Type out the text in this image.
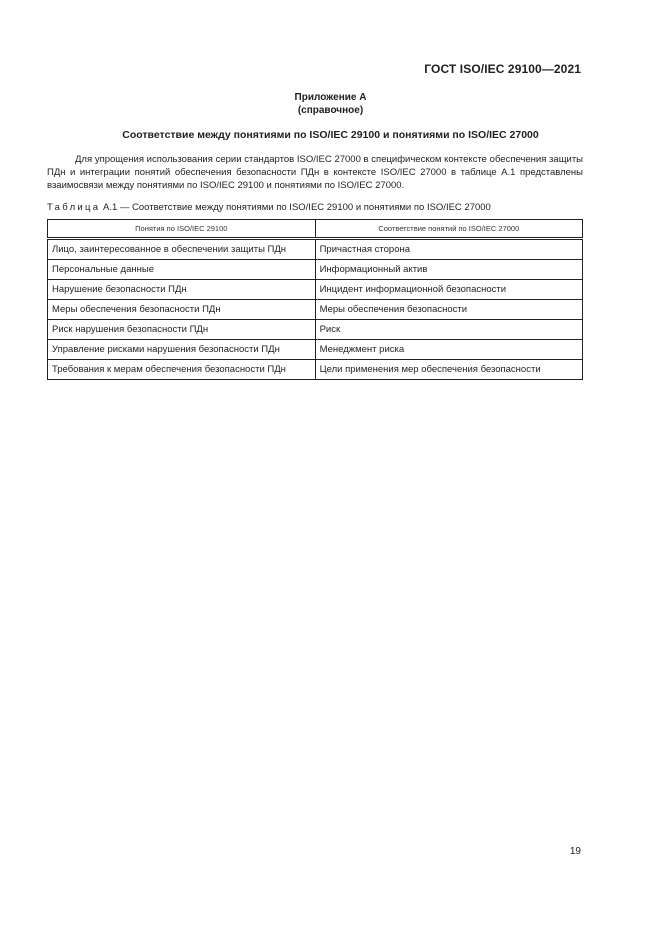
ГОСТ ISO/IEC 29100—2021
Приложение А
(справочное)
Соответствие между понятиями по ISO/IEC 29100 и понятиями по ISO/IEC 27000

Для упрощения использования серии стандартов ISO/IEC 27000 в специфическом контексте обеспечения защиты ПДн и интеграции понятий обеспечения безопасности ПДн в контексте ISO/IEC 27000 в таблице А.1 представлены взаимосвязи между понятиями по ISO/IEC 29100 и понятиями по ISO/IEC 27000.

Таблица А.1 — Соответствие между понятиями по ISO/IEC 29100 и понятиями по ISO/IEC 27000
Понятия по ISO/IEC 29100	Соответствие понятий по ISO/IEC 27000
Лицо, заинтересованное в обеспечении защиты ПДн	Причастная сторона
Персональные данные	Информационный актив
Нарушение безопасности ПДн	Инцидент информационной безопасности
Меры обеспечения безопасности ПДн	Меры обеспечения безопасности
Риск нарушения безопасности ПДн	Риск
Управление рисками нарушения безопасности ПДн	Менеджмент риска
Требования к мерам обеспечения безопасности ПДн	Цели применения мер обеспечения безопасности
19
